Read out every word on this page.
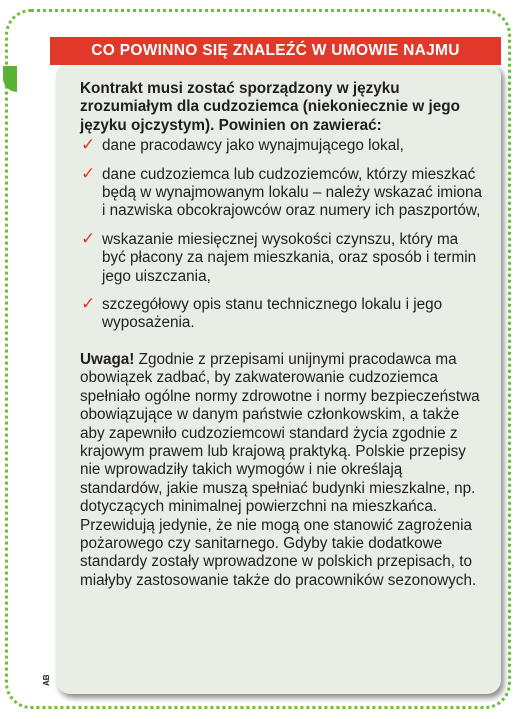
CO POWINNO SIĘ ZNALEŹĆ W UMOWIE NAJMU

Kontrakt musi zostać sporządzony w języku zrozumiałym dla cudzoziemca (niekoniecznie w jego języku ojczystym). Powinien on zawierać:

✓ dane pracodawcy jako wynajmującego lokal,
✓ dane cudzoziemca lub cudzoziemców, którzy mieszkać będą w wynajmowanym lokalu – należy wskazać imiona i nazwiska obcokrajowców oraz numery ich paszportów,
✓ wskazanie miesięcznej wysokości czynszu, który ma być płacony za najem mieszkania, oraz sposób i termin jego uiszczania,
✓ szczegółowy opis stanu technicznego lokalu i jego wyposażenia.

Uwaga! Zgodnie z przepisami unijnymi pracodawca ma obowiązek zadbać, by zakwaterowanie cudzoziemca spełniało ogólne normy zdrowotne i normy bezpieczeństwa obowiązujące w danym państwie członkowskim, a także aby zapewniło cudzoziemcowi standard życia zgodnie z krajowym prawem lub krajową praktyką. Polskie przepisy nie wprowadziły takich wymogów i nie określają standardów, jakie muszą spełniać budynki mieszkalne, np. dotyczących minimalnej powierzchni na mieszkańca. Przewidują jedynie, że nie mogą one stanowić zagrożenia pożarowego czy sanitarnego. Gdyby takie dodatkowe standardy zostały wprowadzone w polskich przepisach, to miałyby zastosowanie także do pracowników sezonowych.

AB
